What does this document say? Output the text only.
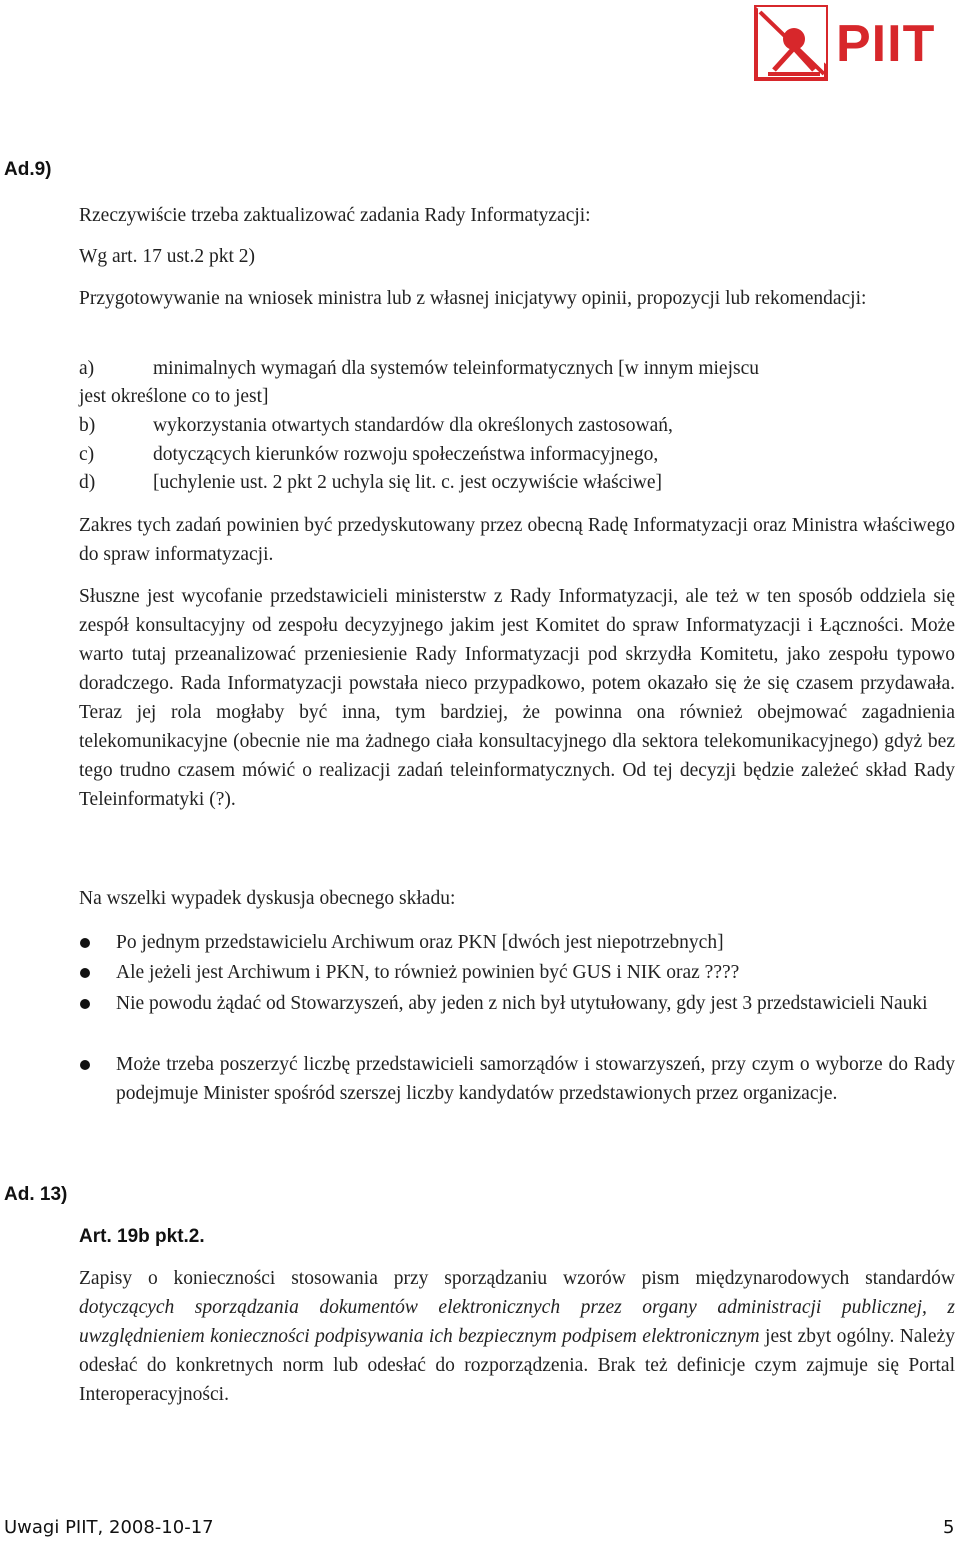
PIIT
Ad.9)
Rzeczywiście trzeba zaktualizować zadania Rady Informatyzacji:
Wg art. 17 ust.2 pkt 2)
Przygotowywanie na wniosek ministra lub z własnej inicjatywy opinii, propozycji lub rekomendacji:
a)	minimalnych wymagań dla systemów teleinformatycznych [w innym miejscu
jest określone co to jest]
b)	wykorzystania otwartych standardów dla określonych zastosowań,
c)	dotyczących kierunków rozwoju społeczeństwa informacyjnego,
d)	[uchylenie ust. 2 pkt 2 uchyla się lit. c. jest oczywiście właściwe]
Zakres tych zadań powinien być przedyskutowany przez obecną Radę Informatyzacji oraz Ministra właściwego do spraw informatyzacji.
Słuszne jest wycofanie przedstawicieli ministerstw z Rady Informatyzacji, ale też w ten sposób oddziela się zespół konsultacyjny od zespołu decyzyjnego jakim jest Komitet do spraw Informatyzacji i Łączności. Może warto tutaj przeanalizować przeniesienie Rady Informatyzacji pod skrzydła Komitetu, jako zespołu typowo doradczego. Rada Informatyzacji powstała nieco przypadkowo, potem okazało się że się czasem przydawała. Teraz jej rola mogłaby być inna, tym bardziej, że powinna ona również obejmować zagadnienia telekomunikacyjne (obecnie nie ma żadnego ciała konsultacyjnego dla sektora telekomunikacyjnego) gdyż bez tego trudno czasem mówić o realizacji zadań teleinformatycznych. Od tej decyzji będzie zależeć skład Rady Teleinformatyki (?).
Na wszelki wypadek dyskusja obecnego składu:
Po jednym przedstawicielu Archiwum oraz PKN [dwóch jest niepotrzebnych]
Ale jeżeli jest Archiwum i PKN, to również powinien być GUS i NIK oraz ????
Nie powodu żądać od Stowarzyszeń, aby jeden z nich był utytułowany, gdy jest 3 przedstawicieli Nauki
Może trzeba poszerzyć liczbę przedstawicieli samorządów i stowarzyszeń, przy czym o wyborze do Rady podejmuje Minister spośród szerszej liczby kandydatów przedstawionych przez organizacje.
Ad. 13)
Art. 19b pkt.2.
Zapisy o konieczności stosowania przy sporządzaniu wzorów pism międzynarodowych standardów dotyczących sporządzania dokumentów elektronicznych przez organy administracji publicznej, z uwzględnieniem konieczności podpisywania ich bezpiecznym podpisem elektronicznym jest zbyt ogólny. Należy odesłać do konkretnych norm lub odesłać do rozporządzenia. Brak też definicje czym zajmuje się Portal Interoperacyjności.
Uwagi PIIT, 2008-10-17	5
